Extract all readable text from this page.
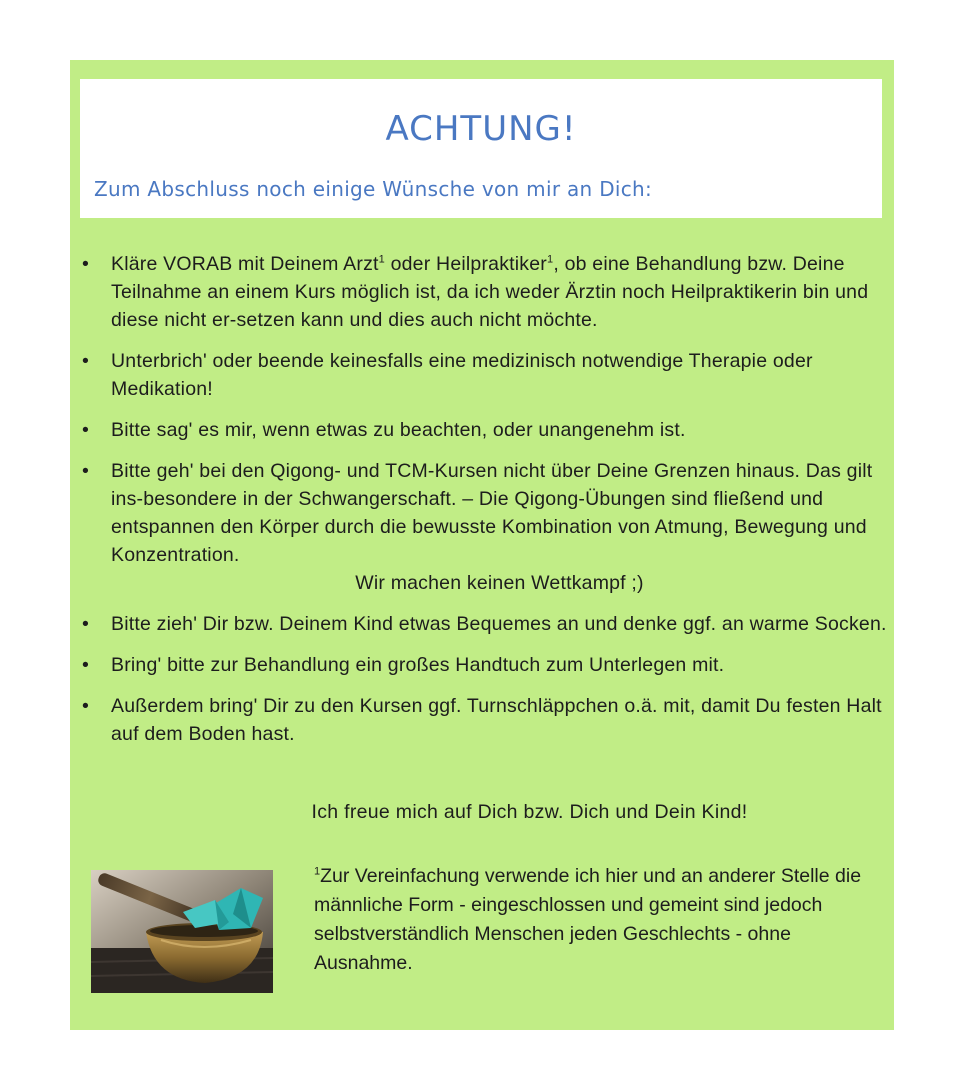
ACHTUNG!
Zum Abschluss noch einige Wünsche von mir an Dich:
• Kläre VORAB mit Deinem Arzt$^1$ oder Heilpraktiker$^1$, ob eine Behandlung bzw. Deine Teilnahme an einem Kurs möglich ist, da ich weder Ärztin noch Heilpraktikerin bin und diese nicht er-setzen kann und dies auch nicht möchte.
• Unterbrich' oder beende keinesfalls eine medizinisch notwendige Therapie oder Medikation!
• Bitte sag' es mir, wenn etwas zu beachten, oder unangenehm ist.
• Bitte geh' bei den Qigong- und TCM-Kursen nicht über Deine Grenzen hinaus. Das gilt ins-besondere in der Schwangerschaft. – Die Qigong-Übungen sind fließend und entspannen den Körper durch die bewusste Kombination von Atmung, Bewegung und Konzentration.
Wir machen keinen Wettkampf ;)
• Bitte zieh' Dir bzw. Deinem Kind etwas Bequemes an und denke ggf. an warme Socken.
• Bring' bitte zur Behandlung ein großes Handtuch zum Unterlegen mit.
• Außerdem bring' Dir zu den Kursen ggf. Turnschläppchen o.ä. mit, damit Du festen Halt auf dem Boden hast.
Ich freue mich auf Dich bzw. Dich und Dein Kind!
$^1$Zur Vereinfachung verwende ich hier und an anderer Stelle die männliche Form - eingeschlossen und gemeint sind jedoch selbstverständlich Menschen jeden Geschlechts - ohne Ausnahme.
